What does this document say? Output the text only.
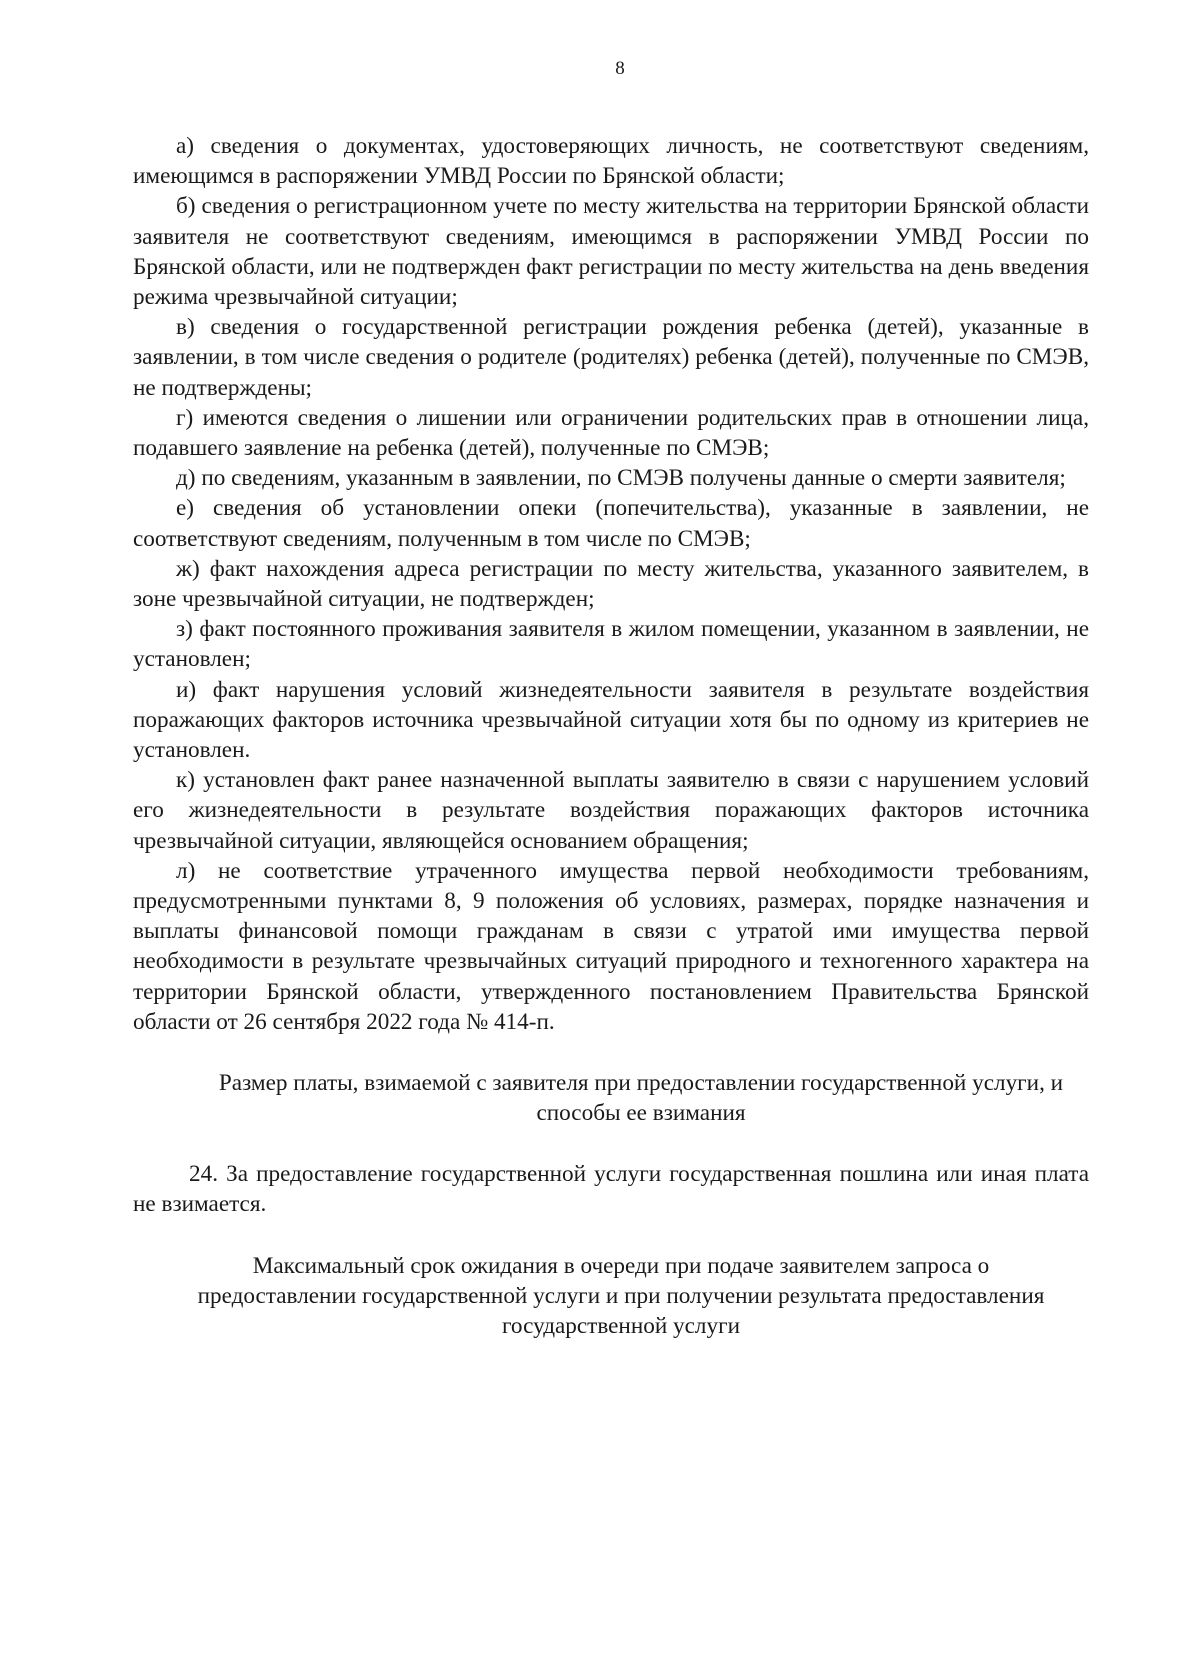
8

а) сведения о документах, удостоверяющих личность, не соответствуют сведениям, имеющимся в распоряжении УМВД России по Брянской области;

б) сведения о регистрационном учете по месту жительства на территории Брянской области заявителя не соответствуют сведениям, имеющимся в распоряжении УМВД России по Брянской области, или не подтвержден факт регистрации по месту жительства на день введения режима чрезвычайной ситуации;

в) сведения о государственной регистрации рождения ребенка (детей), указанные в заявлении, в том числе сведения о родителе (родителях) ребенка (детей), полученные по СМЭВ, не подтверждены;

г) имеются сведения о лишении или ограничении родительских прав в отношении лица, подавшего заявление на ребенка (детей), полученные по СМЭВ;

д) по сведениям, указанным в заявлении, по СМЭВ получены данные о смерти заявителя;

е) сведения об установлении опеки (попечительства), указанные в заявлении, не соответствуют сведениям, полученным в том числе по СМЭВ;

ж) факт нахождения адреса регистрации по месту жительства, указанного заявителем, в зоне чрезвычайной ситуации, не подтвержден;

з) факт постоянного проживания заявителя в жилом помещении, указанном в заявлении, не установлен;

и) факт нарушения условий жизнедеятельности заявителя в результате воздействия поражающих факторов источника чрезвычайной ситуации хотя бы по одному из критериев не установлен.

к) установлен факт ранее назначенной выплаты заявителю в связи с нарушением условий его жизнедеятельности в результате воздействия поражающих факторов источника чрезвычайной ситуации, являющейся основанием обращения;

л) не соответствие утраченного имущества первой необходимости требованиям, предусмотренными пунктами 8, 9 положения об условиях, размерах, порядке назначения и выплаты финансовой помощи гражданам в связи с утратой ими имущества первой необходимости в результате чрезвычайных ситуаций природного и техногенного характера на территории Брянской области, утвержденного постановлением Правительства Брянской области от 26 сентября 2022 года № 414-п.

Размер платы, взимаемой с заявителя при предоставлении государственной услуги, и способы ее взимания

24. За предоставление государственной услуги государственная пошлина или иная плата не взимается.

Максимальный срок ожидания в очереди при подаче заявителем запроса о предоставлении государственной услуги и при получении результата предоставления государственной услуги
